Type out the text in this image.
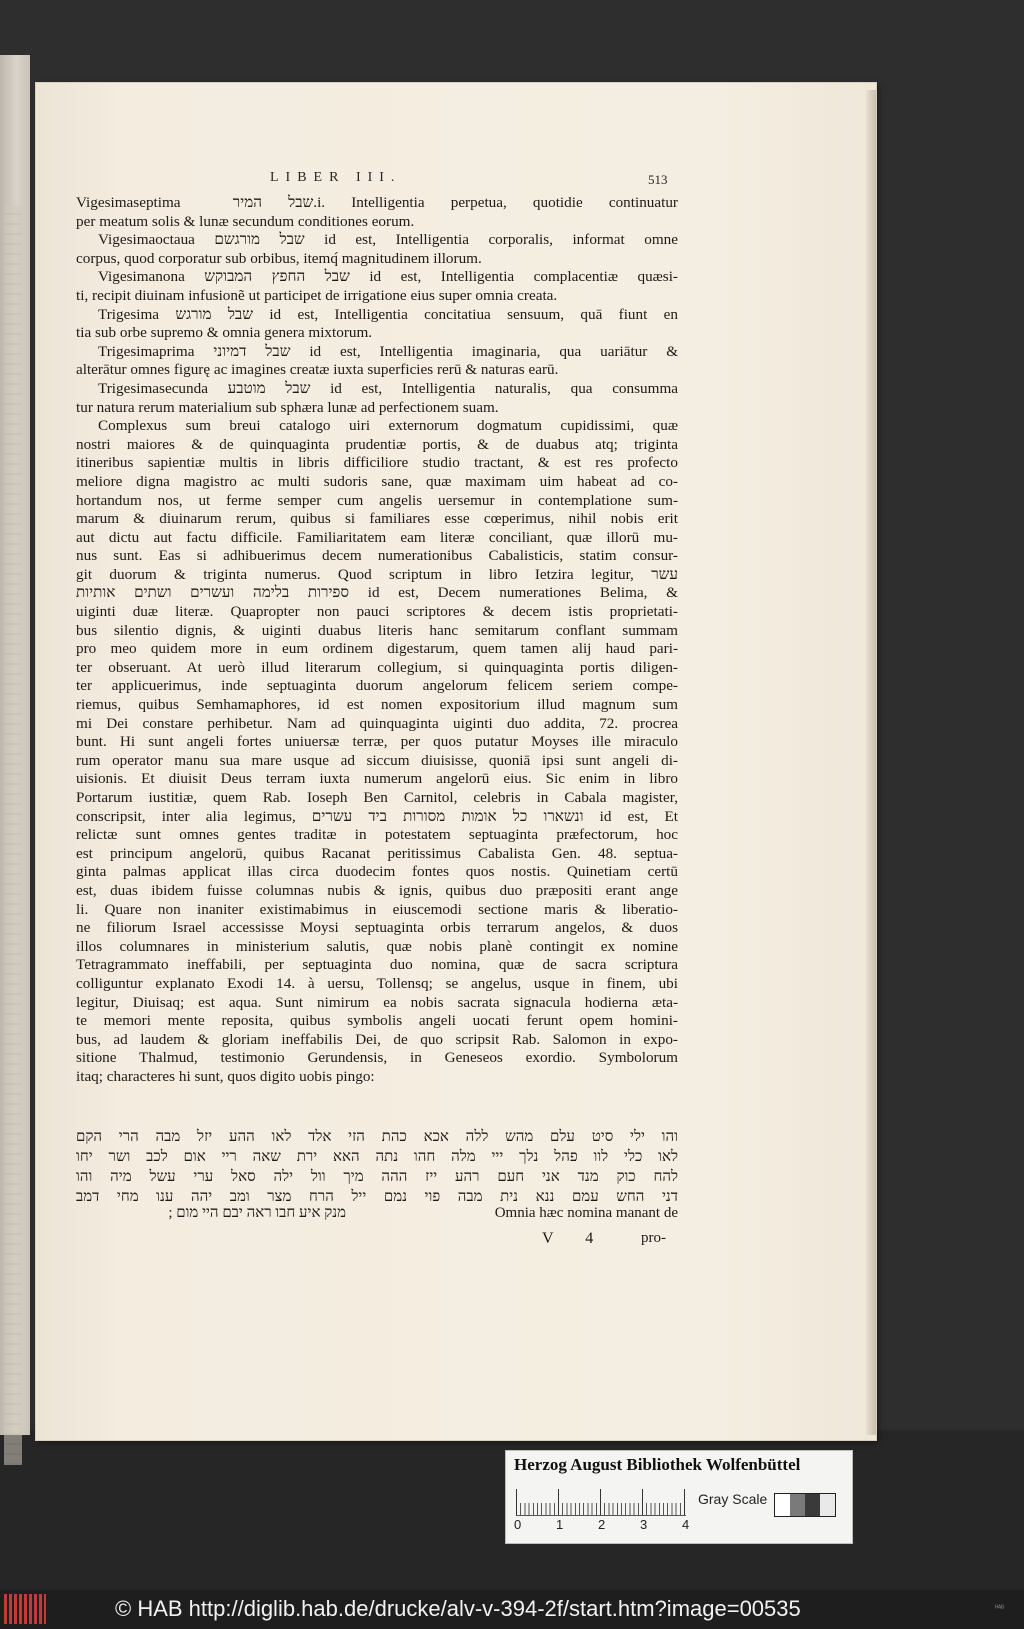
LIBER III.	513
Vigesimaseptima שבל המיר ‏.i. Intelligentia perpetua, quotidie continuatur
per meatum solis & lunæ secundum conditiones eorum.
Vigesimaoctaua שבל מורגשם id est, Intelligentia corporalis, informat omne
corpus, quod corporatur sub orbibus, itemq́ magnitudinem illorum.
Vigesimanona שבל החפץ המבוקש id est, Intelligentia complacentiæ quæsi-
ti, recipit diuinam infusionẽ ut participet de irrigatione eius super omnia creata.
Trigesima שבל מורגש id est, Intelligentia concitatiua sensuum, quā fiunt en
tia sub orbe supremo & omnia genera mixtorum.
Trigesimaprima שבל דמיוני id est, Intelligentia imaginaria, qua uariātur &
alterātur omnes figurę ac imagines creatæ iuxta superficies rerū & naturas earū.
Trigesimasecunda שבל מוטבע id est, Intelligentia naturalis, qua consumma
tur natura rerum materialium sub sphæra lunæ ad perfectionem suam.
Complexus sum breui catalogo uiri externorum dogmatum cupidissimi, quæ
nostri maiores & de quinquaginta prudentiæ portis, & de duabus atq; triginta
itineribus sapientiæ multis in libris difficiliore studio tractant, & est res profecto
meliore digna magistro ac multi sudoris sane, quæ maximam uim habeat ad co-
hortandum nos, ut ferme semper cum angelis uersemur in contemplatione sum-
marum & diuinarum rerum, quibus si familiares esse cœperimus, nihil nobis erit
aut dictu aut factu difficile. Familiaritatem eam literæ conciliant, quæ illorū mu-
nus sunt. Eas si adhibuerimus decem numerationibus Cabalisticis, statim consur-
git duorum & triginta numerus. Quod scriptum in libro Ietzira legitur, עשר
ספירות בלימה ועשרים ושתים אותיות id est, Decem numerationes Belima, &
uiginti duæ literæ. Quapropter non pauci scriptores & decem istis proprietati-
bus silentio dignis, & uiginti duabus literis hanc semitarum conflant summam
pro meo quidem more in eum ordinem digestarum, quem tamen alij haud pari-
ter obseruant. At uerò illud literarum collegium, si quinquaginta portis diligen-
ter applicuerimus, inde septuaginta duorum angelorum felicem seriem compe-
riemus, quibus Semhamaphores, id est nomen expositorium illud magnum sum
mi Dei constare perhibetur. Nam ad quinquaginta uiginti duo addita, 72. procrea
bunt. Hi sunt angeli fortes uniuersæ terræ, per quos putatur Moyses ille miraculo
rum operator manu sua mare usque ad siccum diuisisse, quoniā ipsi sunt angeli di-
uisionis. Et diuisit Deus terram iuxta numerum angelorū eius. Sic enim in libro
Portarum iustitiæ, quem Rab. Ioseph Ben Carnitol, celebris in Cabala magister,
conscripsit, inter alia legimus, ונשארו כל אומות מסורות ביד עשרים id est, Et
relictæ sunt omnes gentes traditæ in potestatem septuaginta præfectorum, hoc
est principum angelorū, quibus Racanat peritissimus Cabalista Gen. 48. septua-
ginta palmas applicat illas circa duodecim fontes quos nostis. Quinetiam certū
est, duas ibidem fuisse columnas nubis & ignis, quibus duo præpositi erant ange
li. Quare non inaniter existimabimus in eiuscemodi sectione maris & liberatio-
ne filiorum Israel accessisse Moysi septuaginta orbis terrarum angelos, & duos
illos columnares in ministerium salutis, quæ nobis planè contingit ex nomine
Tetragrammato ineffabili, per septuaginta duo nomina, quæ de sacra scriptura
colliguntur explanato Exodi 14. à uersu, Tollensq; se angelus, usque in finem, ubi
legitur, Diuisaq; est aqua. Sunt nimirum ea nobis sacrata signacula hodierna æta-
te memori mente reposita, quibus symbolis angeli uocati ferunt opem homini-
bus, ad laudem & gloriam ineffabilis Dei, de quo scripsit Rab. Salomon in expo-
sitione Thalmud, testimonio Gerundensis, in Geneseos exordio. Symbolorum
itaq; characteres hi sunt, quos digito uobis pingo:
והו ילי סיט עלם מהש ללה אכא כהת הזי אלד לאו ההע יזל מבה הרי הקם
לאו כלי לוו פהל נלך ייי מלה חהו נתה האא ירת שאה ריי אום לכב ושר יחו
להח כוק מנד אני חעם רהע ייז ההה מיך וול ילה סאל ערי עשל מיה והו
דני החש עמם ננא נית מבה פוי נמם ייל הרח מצר ומב יהה ענו מחי דמב
מנק איע חבו ראה יבם היי מום ;	Omnia hæc nomina manant de
V 4 pro-
Herzog August Bibliothek Wolfenbüttel
0	1	2	3	4
Gray Scale
© HAB http://diglib.hab.de/drucke/alv-v-394-2f/start.htm?image=00535	ᴴᴬᴮ
